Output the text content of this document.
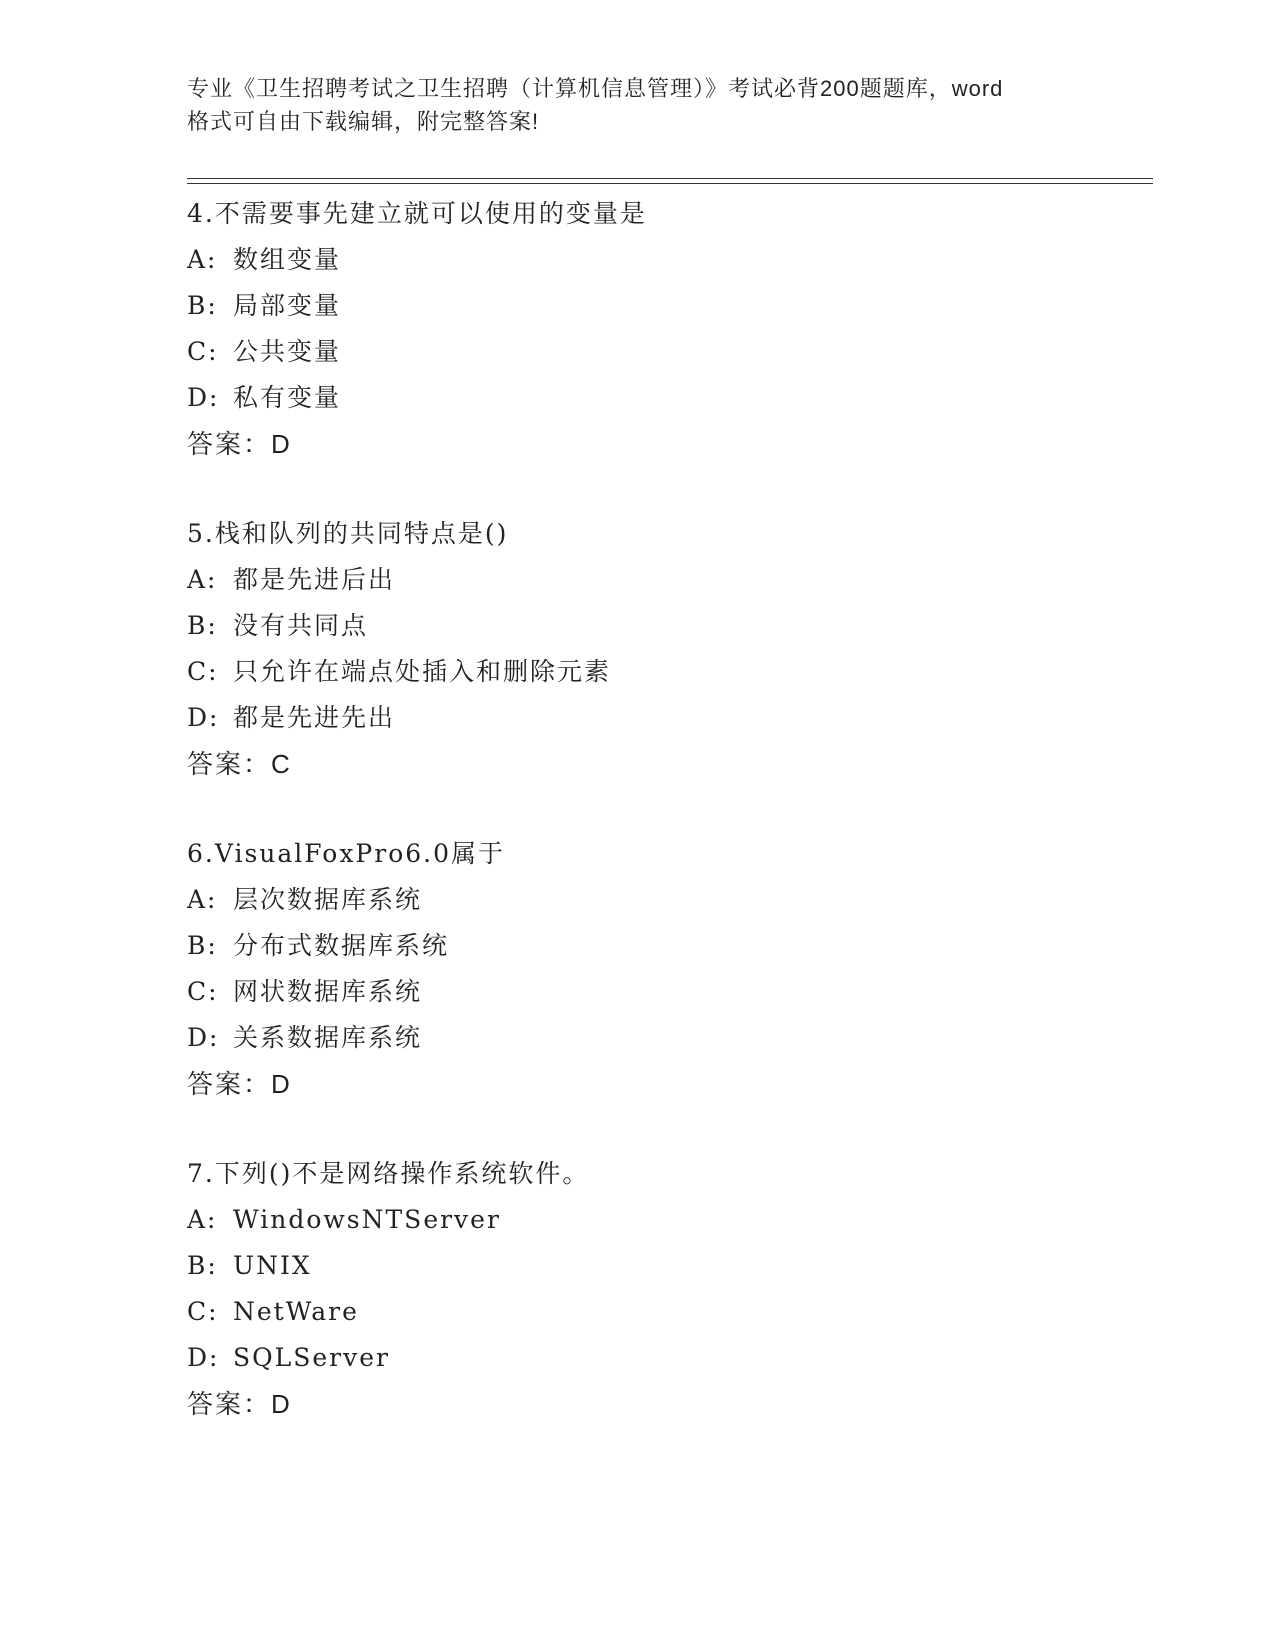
专业《卫生招聘考试之卫生招聘（计算机信息管理）》考试必背200题题库，word
格式可自由下载编辑，附完整答案!
4.不需要事先建立就可以使用的变量是
A: 数组变量
B: 局部变量
C: 公共变量
D: 私有变量
答案：D
5.栈和队列的共同特点是()
A: 都是先进后出
B: 没有共同点
C: 只允许在端点处插入和删除元素
D: 都是先进先出
答案：C
6.VisualFoxPro6.0属于
A: 层次数据库系统
B: 分布式数据库系统
C: 网状数据库系统
D: 关系数据库系统
答案：D
7.下列()不是网络操作系统软件。
A: WindowsNTServer
B: UNIX
C: NetWare
D: SQLServer
答案：D
